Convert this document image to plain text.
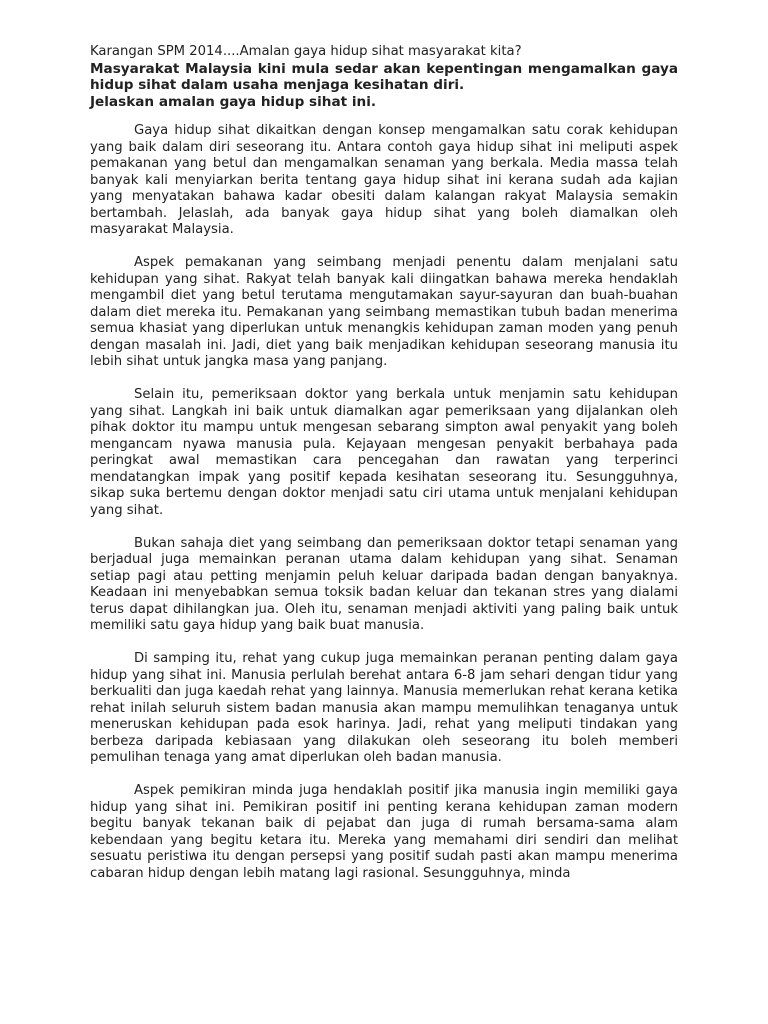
Karangan SPM 2014....Amalan gaya hidup sihat masyarakat kita?

Masyarakat Malaysia kini mula sedar akan kepentingan mengamalkan gaya hidup sihat dalam usaha menjaga kesihatan diri.

Jelaskan amalan gaya hidup sihat ini.

Gaya hidup sihat dikaitkan dengan konsep mengamalkan satu corak kehidupan yang baik dalam diri seseorang itu. Antara contoh gaya hidup sihat ini meliputi aspek pemakanan yang betul dan mengamalkan senaman yang berkala. Media massa telah banyak kali menyiarkan berita tentang gaya hidup sihat ini kerana sudah ada kajian yang menyatakan bahawa kadar obesiti dalam kalangan rakyat Malaysia semakin bertambah. Jelaslah, ada banyak gaya hidup sihat yang boleh diamalkan oleh masyarakat Malaysia.

Aspek pemakanan yang seimbang menjadi penentu dalam menjalani satu kehidupan yang sihat. Rakyat telah banyak kali diingatkan bahawa mereka hendaklah mengambil diet yang betul terutama mengutamakan sayur-sayuran dan buah-buahan dalam diet mereka itu. Pemakanan yang seimbang memastikan tubuh badan menerima semua khasiat yang diperlukan untuk menangkis kehidupan zaman moden yang penuh dengan masalah ini. Jadi, diet yang baik menjadikan kehidupan seseorang manusia itu lebih sihat untuk jangka masa yang panjang.

Selain itu, pemeriksaan doktor yang berkala untuk menjamin satu kehidupan yang sihat. Langkah ini baik untuk diamalkan agar pemeriksaan yang dijalankan oleh pihak doktor itu mampu untuk mengesan sebarang simpton awal penyakit yang boleh mengancam nyawa manusia pula. Kejayaan mengesan penyakit berbahaya pada peringkat awal memastikan cara pencegahan dan rawatan yang terperinci mendatangkan impak yang positif kepada kesihatan seseorang itu. Sesungguhnya, sikap suka bertemu dengan doktor menjadi satu ciri utama untuk menjalani kehidupan yang sihat.

Bukan sahaja diet yang seimbang dan pemeriksaan doktor tetapi senaman yang berjadual juga memainkan peranan utama dalam kehidupan yang sihat. Senaman setiap pagi atau petting menjamin peluh keluar daripada badan dengan banyaknya. Keadaan ini menyebabkan semua toksik badan keluar dan tekanan stres yang dialami terus dapat dihilangkan jua. Oleh itu, senaman menjadi aktiviti yang paling baik untuk memiliki satu gaya hidup yang baik buat manusia.

Di samping itu, rehat yang cukup juga memainkan peranan penting dalam gaya hidup yang sihat ini. Manusia perlulah berehat antara 6-8 jam sehari dengan tidur yang berkualiti dan juga kaedah rehat yang lainnya. Manusia memerlukan rehat kerana ketika rehat inilah seluruh sistem badan manusia akan mampu memulihkan tenaganya untuk meneruskan kehidupan pada esok harinya. Jadi, rehat yang meliputi tindakan yang berbeza daripada kebiasaan yang dilakukan oleh seseorang itu boleh memberi pemulihan tenaga yang amat diperlukan oleh badan manusia.

Aspek pemikiran minda juga hendaklah positif jika manusia ingin memiliki gaya hidup yang sihat ini. Pemikiran positif ini penting kerana kehidupan zaman modern begitu banyak tekanan baik di pejabat dan juga di rumah bersama-sama alam kebendaan yang begitu ketara itu. Mereka yang memahami diri sendiri dan melihat sesuatu peristiwa itu dengan persepsi yang positif sudah pasti akan mampu menerima cabaran hidup dengan lebih matang lagi rasional. Sesungguhnya, minda
